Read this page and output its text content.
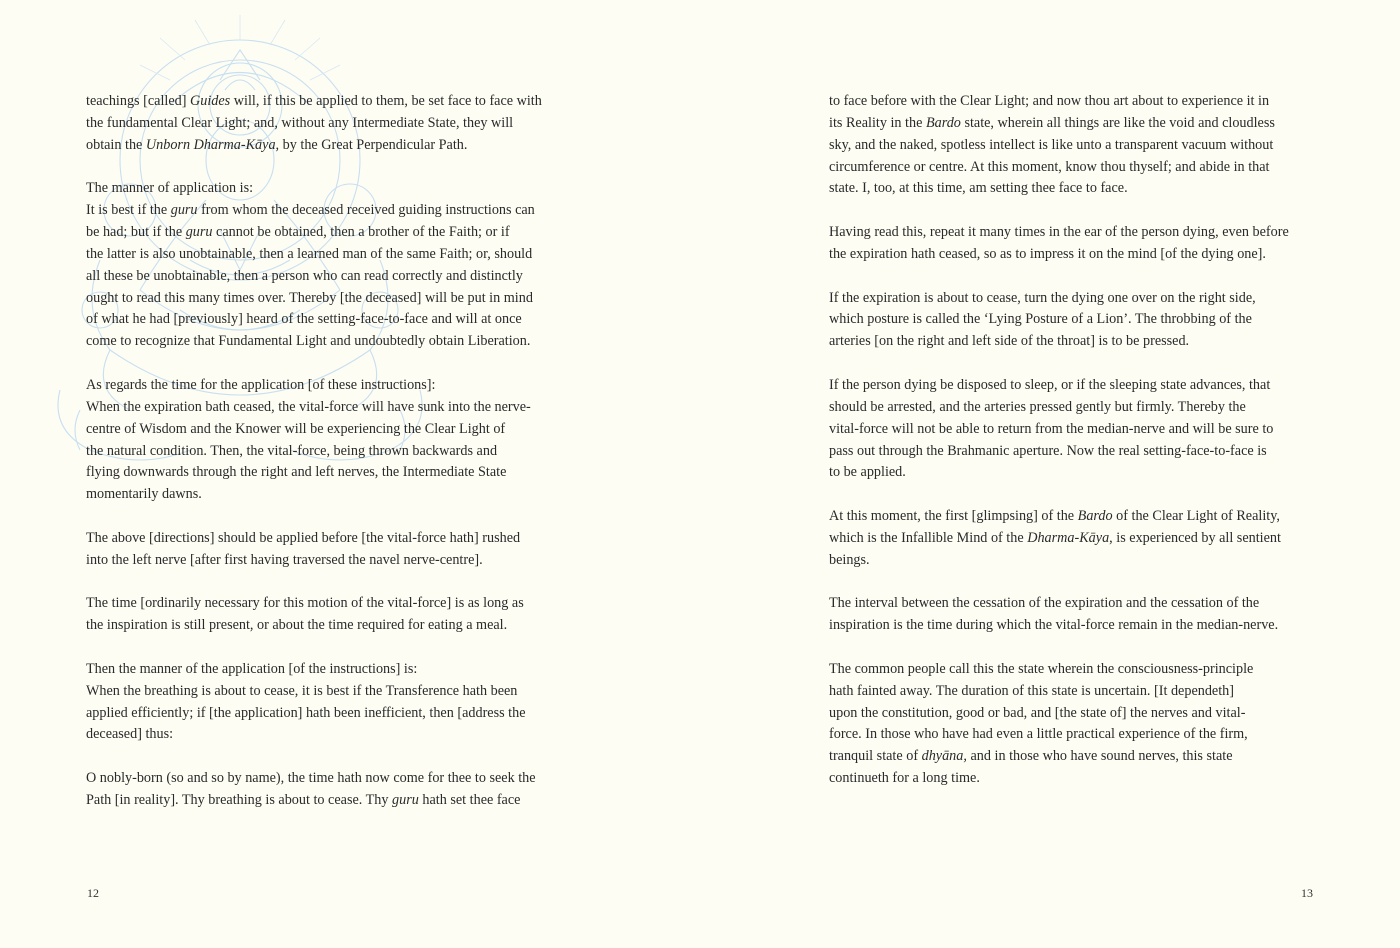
teachings [called] Guides will, if this be applied to them, be set face to face with
the fundamental Clear Light; and, without any Intermediate State, they will
obtain the Unborn Dharma-Kāya, by the Great Perpendicular Path.

The manner of application is:
It is best if the guru from whom the deceased received guiding instructions can
be had; but if the guru cannot be obtained, then a brother of the Faith; or if
the latter is also unobtainable, then a learned man of the same Faith; or, should
all these be unobtainable, then a person who can read correctly and distinctly
ought to read this many times over. Thereby [the deceased] will be put in mind
of what he had [previously] heard of the setting-face-to-face and will at once
come to recognize that Fundamental Light and undoubtedly obtain Liberation.

As regards the time for the application [of these instructions]:
When the expiration bath ceased, the vital-force will have sunk into the nerve-
centre of Wisdom and the Knower will be experiencing the Clear Light of
the natural condition. Then, the vital-force, being thrown backwards and
flying downwards through the right and left nerves, the Intermediate State
momentarily dawns.

The above [directions] should be applied before [the vital-force hath] rushed
into the left nerve [after first having traversed the navel nerve-centre].

The time [ordinarily necessary for this motion of the vital-force] is as long as
the inspiration is still present, or about the time required for eating a meal.

Then the manner of the application [of the instructions] is:
When the breathing is about to cease, it is best if the Transference hath been
applied efficiently; if [the application] hath been inefficient, then [address the
deceased] thus:

O nobly-born (so and so by name), the time hath now come for thee to seek the
Path [in reality]. Thy breathing is about to cease. Thy guru hath set thee face
12
to face before with the Clear Light; and now thou art about to experience it in
its Reality in the Bardo state, wherein all things are like the void and cloudless
sky, and the naked, spotless intellect is like unto a transparent vacuum without
circumference or centre. At this moment, know thou thyself; and abide in that
state. I, too, at this time, am setting thee face to face.

Having read this, repeat it many times in the ear of the person dying, even before
the expiration hath ceased, so as to impress it on the mind [of the dying one].

If the expiration is about to cease, turn the dying one over on the right side,
which posture is called the ‘Lying Posture of a Lion’. The throbbing of the
arteries [on the right and left side of the throat] is to be pressed.

If the person dying be disposed to sleep, or if the sleeping state advances, that
should be arrested, and the arteries pressed gently but firmly. Thereby the
vital-force will not be able to return from the median-nerve and will be sure to
pass out through the Brahmanic aperture. Now the real setting-face-to-face is
to be applied.

At this moment, the first [glimpsing] of the Bardo of the Clear Light of Reality,
which is the Infallible Mind of the Dharma-Kāya, is experienced by all sentient
beings.

The interval between the cessation of the expiration and the cessation of the
inspiration is the time during which the vital-force remain in the median-nerve.

The common people call this the state wherein the consciousness-principle
hath fainted away. The duration of this state is uncertain. [It dependeth]
upon the constitution, good or bad, and [the state of] the nerves and vital-
force. In those who have had even a little practical experience of the firm,
tranquil state of dhyāna, and in those who have sound nerves, this state
continueth for a long time.
13
